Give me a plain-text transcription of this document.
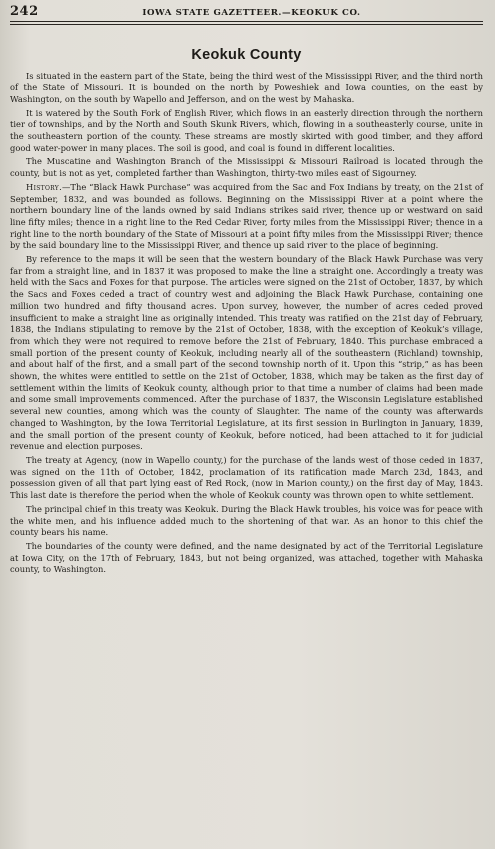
242	IOWA STATE GAZETTEER.—KEOKUK CO.
Keokuk County

Is situated in the eastern part of the State, being the third west of the Mississippi River, and the third north of the State of Missouri. It is bounded on the north by Poweshiek and Iowa counties, on the east by Washington, on the south by Wapello and Jefferson, and on the west by Mahaska.

It is watered by the South Fork of English River, which flows in an easterly direction through the northern tier of townships, and by the North and South Skunk Rivers, which, flowing in a southeasterly course, unite in the southeastern portion of the county. These streams are mostly skirted with good timber, and they afford good water-power in many places. The soil is good, and coal is found in different localities.

The Muscatine and Washington Branch of the Mississippi & Missouri Railroad is located through the county, but is not as yet, completed farther than Washington, thirty-two miles east of Sigourney.

History.—The “Black Hawk Purchase” was acquired from the Sac and Fox Indians by treaty, on the 21st of September, 1832, and was bounded as follows. Beginning on the Mississippi River at a point where the northern boundary line of the lands owned by said Indians strikes said river, thence up or westward on said line fifty miles; thence in a right line to the Red Cedar River, forty miles from the Mississippi River; thence in a right line to the north boundary of the State of Missouri at a point fifty miles from the Mississippi River; thence by the said boundary line to the Mississippi River, and thence up said river to the place of beginning.

By reference to the maps it will be seen that the western boundary of the Black Hawk Purchase was very far from a straight line, and in 1837 it was proposed to make the line a straight one. Accordingly a treaty was held with the Sacs and Foxes for that purpose. The articles were signed on the 21st of October, 1837, by which the Sacs and Foxes ceded a tract of country west and adjoining the Black Hawk Purchase, containing one million two hundred and fifty thousand acres. Upon survey, however, the number of acres ceded proved insufficient to make a straight line as originally intended. This treaty was ratified on the 21st day of February, 1838, the Indians stipulating to remove by the 21st of October, 1838, with the exception of Keokuk’s village, from which they were not required to remove before the 21st of February, 1840. This purchase embraced a small portion of the present county of Keokuk, including nearly all of the southeastern (Richland) township, and about half of the first, and a small part of the second township north of it. Upon this “strip,” as has been shown, the whites were entitled to settle on the 21st of October, 1838, which may be taken as the first day of settlement within the limits of Keokuk county, although prior to that time a number of claims had been made and some small improvements commenced. After the purchase of 1837, the Wisconsin Legislature established several new counties, among which was the county of Slaughter. The name of the county was afterwards changed to Washington, by the Iowa Territorial Legislature, at its first session in Burlington in January, 1839, and the small portion of the present county of Keokuk, before noticed, had been attached to it for judicial revenue and election purposes.

The treaty at Agency, (now in Wapello county,) for the purchase of the lands west of those ceded in 1837, was signed on the 11th of October, 1842, proclamation of its ratification made March 23d, 1843, and possession given of all that part lying east of Red Rock, (now in Marion county,) on the first day of May, 1843. This last date is therefore the period when the whole of Keokuk county was thrown open to white settlement.

The principal chief in this treaty was Keokuk. During the Black Hawk troubles, his voice was for peace with the white men, and his influence added much to the shortening of that war. As an honor to this chief the county bears his name.

The boundaries of the county were defined, and the name designated by act of the Territorial Legislature at Iowa City, on the 17th of February, 1843, but not being organized, was attached, together with Mahaska county, to Washington.
